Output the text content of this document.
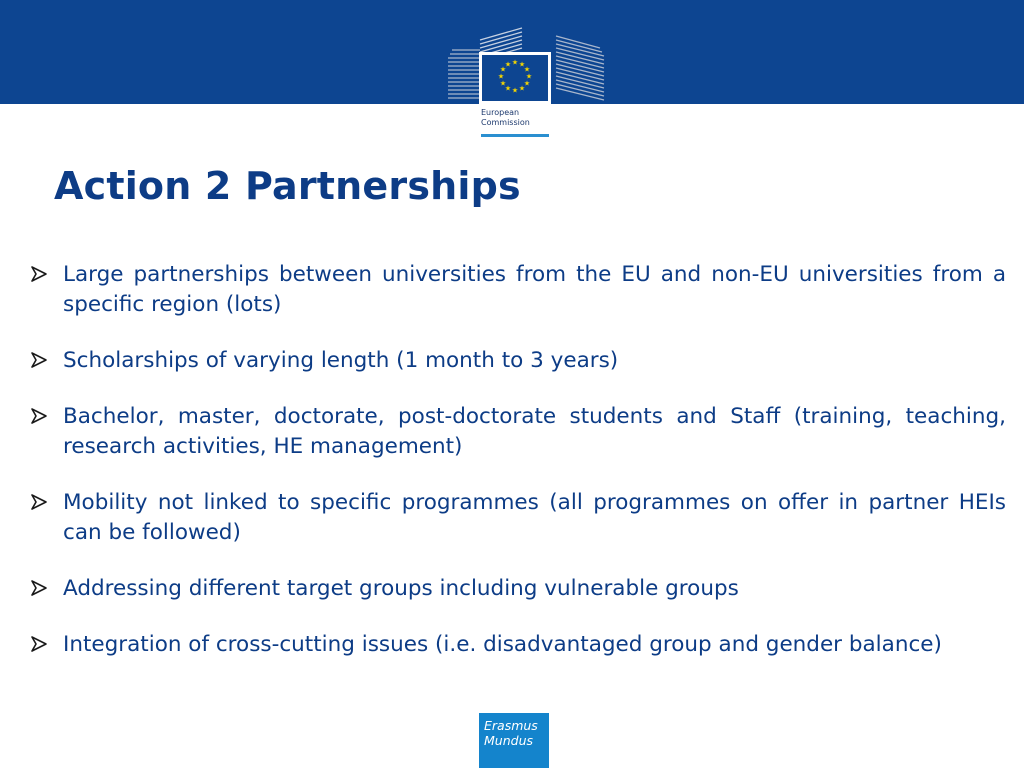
★ ★
★
★
★
★
★
★
★
★
★
★
European
Commission
Action 2 Partnerships
Large partnerships between universities from the EU and non-EU universities from a specific region (lots)
Scholarships of varying length (1 month to 3 years)
Bachelor, master, doctorate, post-doctorate students and Staff (training, teaching, research activities, HE management)
Mobility not linked to specific programmes (all programmes on offer in partner HEIs can be followed)
Addressing different target groups including vulnerable groups
Integration of cross-cutting issues (i.e. disadvantaged group and gender balance)
Erasmus
Mundus
